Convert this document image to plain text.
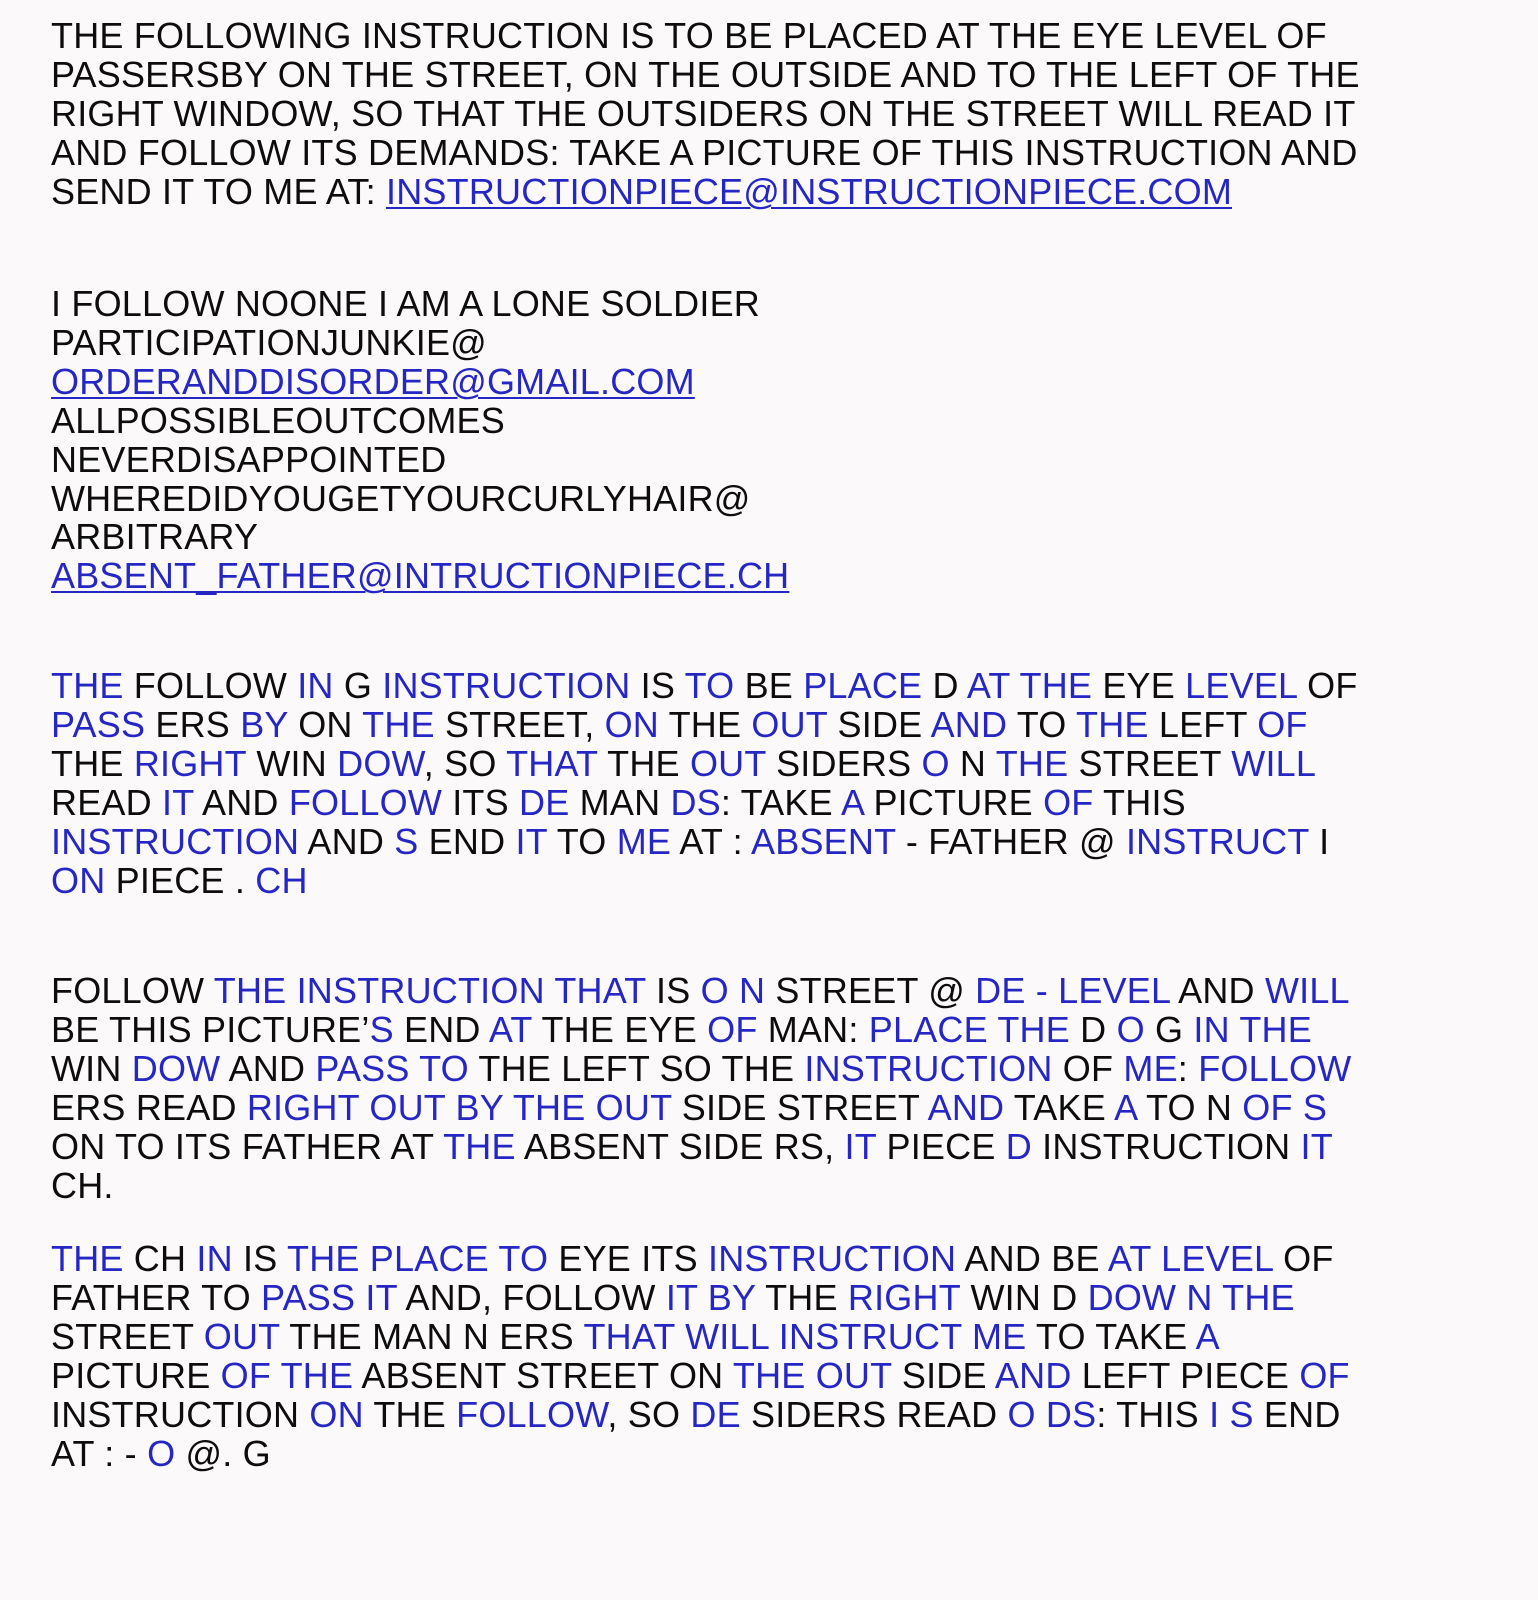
THE FOLLOWING INSTRUCTION IS TO BE PLACED AT THE EYE LEVEL OF
PASSERSBY ON THE STREET, ON THE OUTSIDE AND TO THE LEFT OF THE
RIGHT WINDOW, SO THAT THE OUTSIDERS ON THE STREET WILL READ IT
AND FOLLOW ITS DEMANDS: TAKE A PICTURE OF THIS INSTRUCTION AND
SEND IT TO ME AT: INSTRUCTIONPIECE@INSTRUCTIONPIECE.COM
I FOLLOW NOONE I AM A LONE SOLDIER
PARTICIPATIONJUNKIE@
ORDERANDDISORDER@GMAIL.COM
ALLPOSSIBLEOUTCOMES
NEVERDISAPPOINTED
WHEREDIDYOUGETYOURCURLYHAIR@
ARBITRARY
ABSENT_FATHER@INTRUCTIONPIECE.CH
THE FOLLOW IN G INSTRUCTION IS TO BE PLACE D AT THE EYE LEVEL OF
PASS ERS BY ON THE STREET, ON THE OUT SIDE AND TO THE LEFT OF
THE RIGHT WIN DOW, SO THAT THE OUT SIDERS O N THE STREET WILL
READ IT AND FOLLOW ITS DE MAN DS: TAKE A PICTURE OF THIS
INSTRUCTION AND S END IT TO ME AT : ABSENT - FATHER @ INSTRUCT I
ON PIECE . CH
FOLLOW THE INSTRUCTION THAT IS O N STREET @ DE - LEVEL AND WILL
BE THIS PICTURE’S END AT THE EYE OF MAN: PLACE THE D O G IN THE
WIN DOW AND PASS TO THE LEFT SO THE INSTRUCTION OF ME: FOLLOW
ERS READ RIGHT OUT BY THE OUT SIDE STREET AND TAKE A TO N OF S
ON TO ITS FATHER AT THE ABSENT SIDE RS, IT PIECE D INSTRUCTION IT
CH.
THE CH IN IS THE PLACE TO EYE ITS INSTRUCTION AND BE AT LEVEL OF
FATHER TO PASS IT AND, FOLLOW IT BY THE RIGHT WIN D DOW N THE
STREET OUT THE MAN N ERS THAT WILL INSTRUCT ME TO TAKE A
PICTURE OF THE ABSENT STREET ON THE OUT SIDE AND LEFT PIECE OF
INSTRUCTION ON THE FOLLOW, SO DE SIDERS READ O DS: THIS I S END
AT : - O @. G
